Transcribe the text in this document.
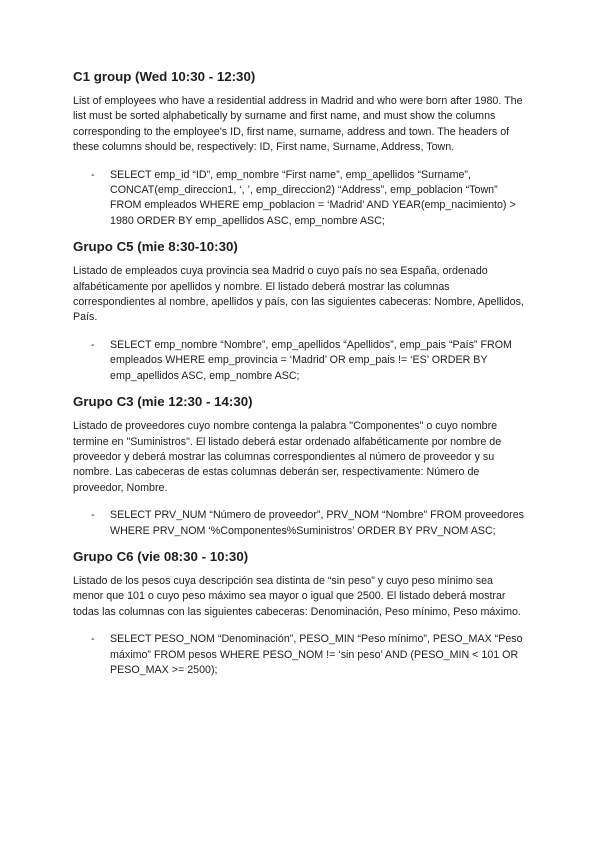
C1 group (Wed 10:30 - 12:30)
List of employees who have a residential address in Madrid and who were born after 1980. The list must be sorted alphabetically by surname and first name, and must show the columns corresponding to the employee's ID, first name, surname, address and town. The headers of these columns should be, respectively: ID, First name, Surname, Address, Town.
-	SELECT emp_id “ID”, emp_nombre “First name”, emp_apellidos “Surname”, CONCAT(emp_direccion1, ‘, ’, emp_direccion2) “Address”, emp_poblacion “Town” FROM empleados WHERE emp_poblacion = ‘Madrid’ AND YEAR(emp_nacimiento) > 1980 ORDER BY emp_apellidos ASC, emp_nombre ASC;
Grupo C5 (mie 8:30-10:30)
Listado de empleados cuya provincia sea Madrid o cuyo país no sea España, ordenado alfabéticamente por apellidos y nombre. El listado deberá mostrar las columnas correspondientes al nombre, apellidos y país, con las siguientes cabeceras: Nombre, Apellidos, País.
-	SELECT emp_nombre “Nombre”, emp_apellidos “Apellidos”, emp_pais “País” FROM empleados WHERE emp_provincia = ‘Madrid’ OR emp_pais != ‘ES’ ORDER BY emp_apellidos ASC, emp_nombre ASC;
Grupo C3 (mie 12:30 - 14:30)
Listado de proveedores cuyo nombre contenga la palabra "Componentes" o cuyo nombre termine en "Suministros". El listado deberá estar ordenado alfabéticamente por nombre de proveedor y deberá mostrar las columnas correspondientes al número de proveedor y su nombre. Las cabeceras de estas columnas deberán ser, respectivamente: Número de proveedor, Nombre.
-	SELECT PRV_NUM “Número de proveedor”, PRV_NOM “Nombre” FROM proveedores WHERE PRV_NOM ‘%Componentes%Suministros’ ORDER BY PRV_NOM ASC;
Grupo C6 (vie 08:30 - 10:30)
Listado de los pesos cuya descripción sea distinta de “sin peso” y cuyo peso mínimo sea menor que 101 o cuyo peso máximo sea mayor o igual que 2500. El listado deberá mostrar todas las columnas con las siguientes cabeceras: Denominación, Peso mínimo, Peso máximo.
-	SELECT PESO_NOM “Denominación”, PESO_MIN “Peso mínimo”, PESO_MAX “Peso máximo” FROM pesos WHERE PESO_NOM != ‘sin peso’ AND (PESO_MIN < 101 OR PESO_MAX >= 2500);
